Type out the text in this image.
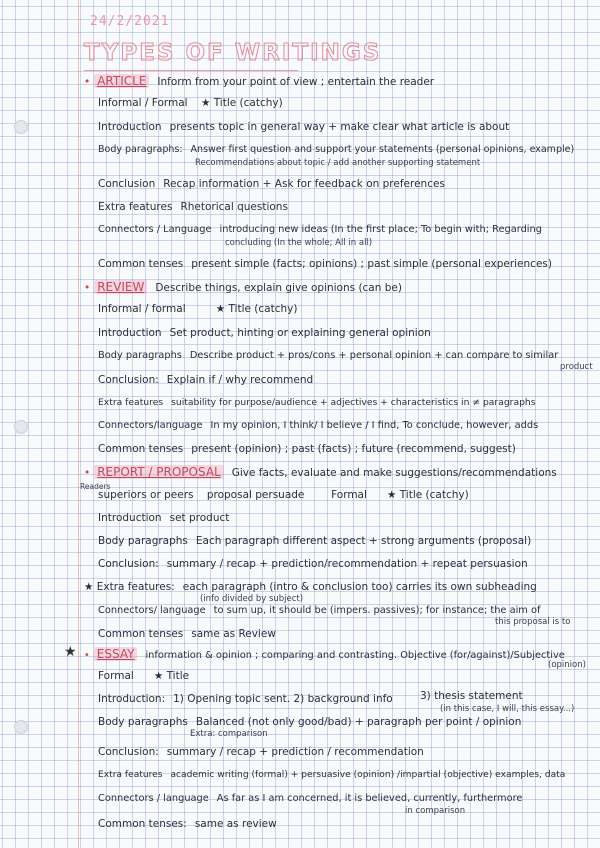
24/2/2021
TYPES OF WRITINGS
• ARTICLE Inform from your point of view ; entertain the reader
Informal / Formal ★ Title (catchy)
Introduction presents topic in general way + make clear what article is about
Body paragraphs: Answer first question and support your statements (personal opinions, example)
Recommendations about topic / add another supporting statement
Conclusion Recap information + Ask for feedback on preferences
Extra features Rhetorical questions
Connectors / Language introducing new ideas (In the first place; To begin with; Regarding
concluding (In the whole; All in all)
Common tenses present simple (facts; opinions) ; past simple (personal experiences)
• REVIEW Describe things, explain give opinions (can be)
Informal / formal	★ Title (catchy)
Introduction Set product, hinting or explaining general opinion
Body paragraphs Describe product + pros/cons + personal opinion + can compare to similar
product
Conclusion: Explain if / why recommend
Extra features suitability for purpose/audience + adjectives + characteristics in ≠ paragraphs
Connectors/language In my opinion, I think/ I believe / I find, To conclude, however, adds
Common tenses present (opinion) ; past (facts) ; future (recommend, suggest)
• REPORT / PROPOSAL Give facts, evaluate and make suggestions/recommendations
Readers
superiors or peers proposal persuade	Formal ★ Title (catchy)
Introduction set product
Body paragraphs Each paragraph different aspect + strong arguments (proposal)
Conclusion: summary / recap + prediction/recommendation + repeat persuasion
★ Extra features: each paragraph (intro & conclusion too) carries its own subheading
(info divided by subject)
Connectors/ language to sum up, it should be (impers. passives); for instance; the aim of
this proposal is to
Common tenses same as Review
★ • ESSAY information & opinion ; comparing and contrasting. Objective (for/against)/Subjective
(opinion)
Formal ★ Title
Introduction: 1) Opening topic sent. 2) background info	3) thesis statement
(in this case, I will, this essay...)
Body paragraphs Balanced (not only good/bad) + paragraph per point / opinion
Extra: comparison
Conclusion: summary / recap + prediction / recommendation
Extra features academic writing (formal) + persuasive (opinion) /impartial (objective) examples, data
Connectors / language As far as I am concerned, it is believed, currently, furthermore
in comparison
Common tenses: same as review
